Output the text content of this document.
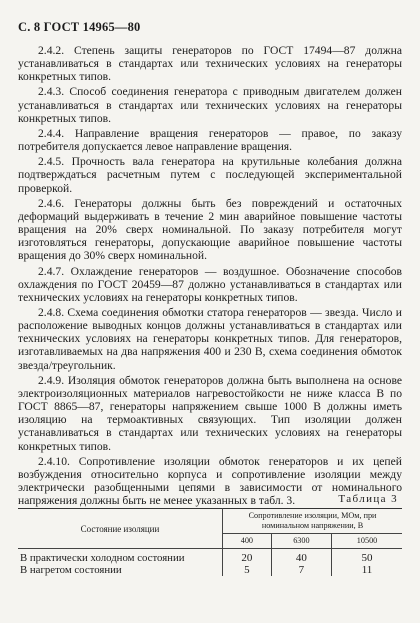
С. 8 ГОСТ 14965—80

2.4.2. Степень защиты генераторов по ГОСТ 17494—87 должна устанавливаться в стандартах или технических условиях на генераторы конкретных типов.

2.4.3. Способ соединения генератора с приводным двигателем должен устанавливаться в стандартах или технических условиях на генераторы конкретных типов.

2.4.4. Направление вращения генераторов — правое, по заказу потребителя допускается левое направление вращения.

2.4.5. Прочность вала генератора на крутильные колебания должна подтверждаться расчетным путем с последующей экспериментальной проверкой.

2.4.6. Генераторы должны быть без повреждений и остаточных деформаций выдерживать в течение 2 мин аварийное повышение частоты вращения на 20% сверх номинальной. По заказу потребителя могут изготовляться генераторы, допускающие аварийное повышение частоты вращения до 30% сверх номинальной.

2.4.7. Охлаждение генераторов — воздушное. Обозначение способов охлаждения по ГОСТ 20459—87 должно устанавливаться в стандартах или технических условиях на генераторы конкретных типов.

2.4.8. Схема соединения обмотки статора генераторов — звезда. Число и расположение выводных концов должны устанавливаться в стандартах или технических условиях на генераторы конкретных типов. Для генераторов, изготавливаемых на два напряжения 400 и 230 В, схема соединения обмоток звезда/треугольник.

2.4.9. Изоляция обмоток генераторов должна быть выполнена на основе электроизоляционных материалов нагревостойкости не ниже класса В по ГОСТ 8865—87, генераторы напряжением свыше 1000 В должны иметь изоляцию на термоактивных связующих. Тип изоляции должен устанавливаться в стандартах или технических условиях на генераторы конкретных типов.

2.4.10. Сопротивление изоляции обмоток генераторов и их цепей возбуждения относительно корпуса и сопротивление изоляции между электрически разобщенными цепями в зависимости от номинального напряжения должны быть не менее указанных в табл. 3.	Таблица 3
Состояние изоляции	Сопротивление изоляции, МОм, при номинальном напряжении, В		
	400	6300	10500
В практически холодном состоянии	20	40	50
В нагретом состоянии	5	7	11
